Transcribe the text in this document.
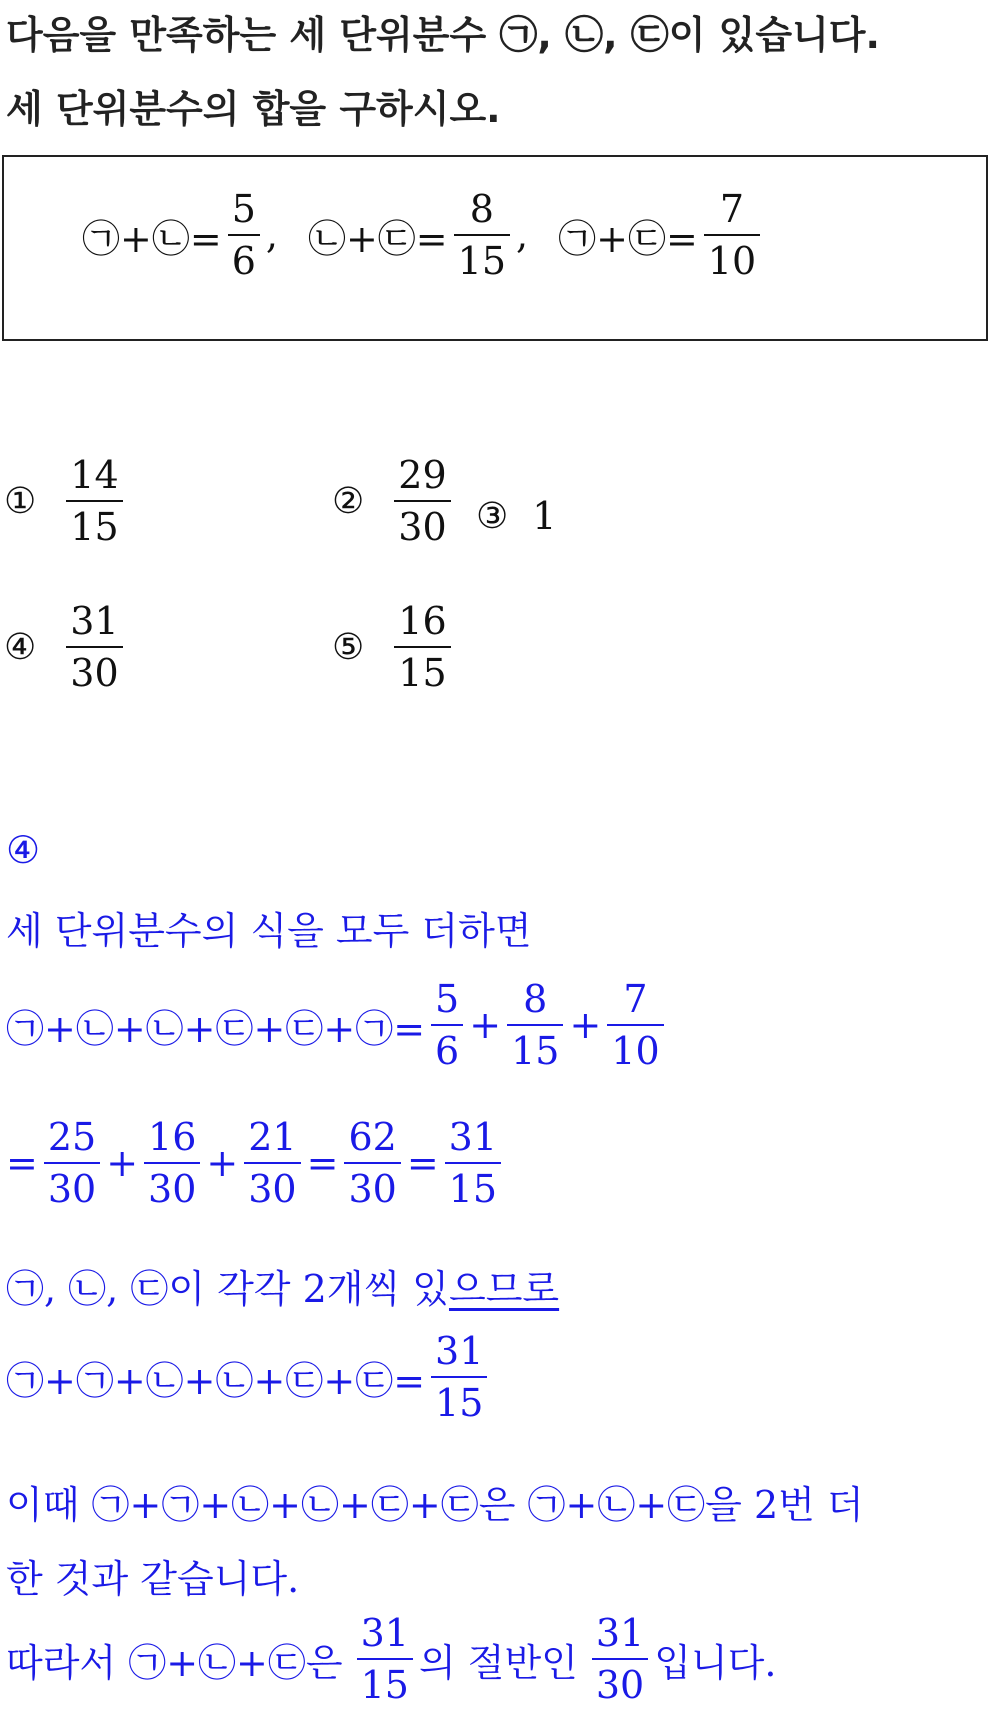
다음을 만족하는 세 단위분수 ㉠, ㉡, ㉢이 있습니다.
세 단위분수의 합을 구하시오.
㉠+㉡= $\frac{5}{6}$ , ㉡+㉢= $\frac{8}{15}$ , ㉠+㉢= $\frac{7}{10}$
① $\frac{14}{15}$	② $\frac{29}{30}$ ③ 1
④ $\frac{31}{30}$	⑤ $\frac{16}{15}$
④
세 단위분수의 식을 모두 더하면
㉠+㉡+㉡+㉢+㉢+㉠= $\frac{5}{6} + \frac{8}{15} + \frac{7}{10}$
= $\frac{25}{30} + \frac{16}{30} + \frac{21}{30} = \frac{62}{30} = \frac{31}{15}$
㉠, ㉡, ㉢이 각각 2개씩 있 으므로
㉠+㉠+㉡+㉡+㉢+㉢= $\frac{31}{15}$
이때 ㉠+㉠+㉡+㉡+㉢+㉢은 ㉠+㉡+㉢을 2번 더
한 것과 같습니다.
따라서 ㉠+㉡+㉢은 $\frac{31}{15}$ 의 절반인 $\frac{31}{30}$ 입니다.
